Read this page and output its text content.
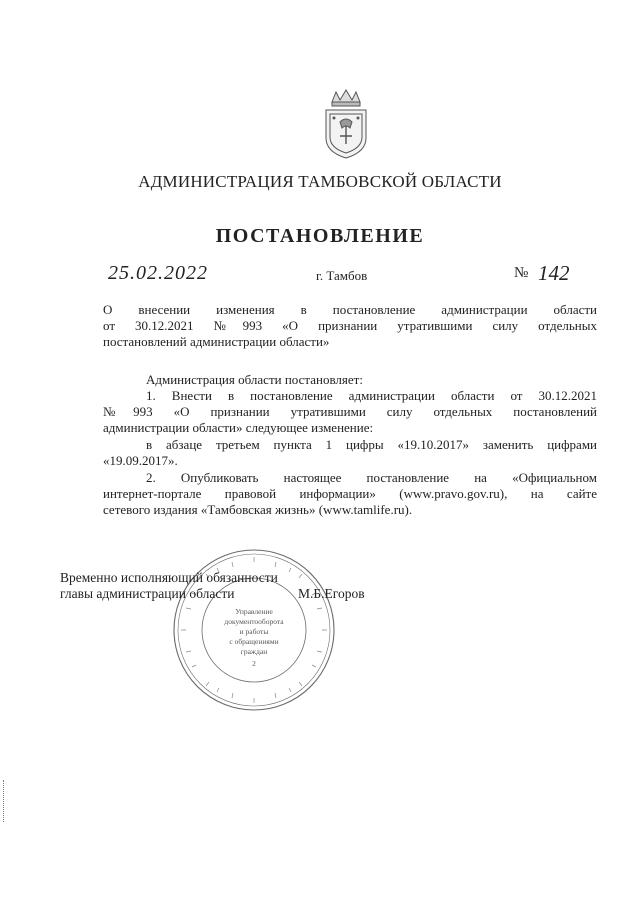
АДМИНИСТРАЦИЯ ТАМБОВСКОЙ ОБЛАСТИ
ПОСТАНОВЛЕНИЕ
25.02.2022	г. Тамбов	№ 142
О внесении изменения в постановление администрации области
от 30.12.2021 №993 «О признании утратившими силу отдельных
постановлений администрации области»
Администрация области постановляет:
1. Внести в постановление администрации области от 30.12.2021
№993 «О признании утратившими силу отдельных постановлений
администрации области» следующее изменение:
в абзаце третьем пункта 1 цифры «19.10.2017» заменить цифрами
«19.09.2017».
2. Опубликовать настоящее постановление на «Официальном
интернет-портале правовой информации» (www.pravo.gov.ru), на сайте
сетевого издания «Тамбовская жизнь» (www.tamlife.ru).
Управление
документооборота
и работы
с обращениями
граждан
2
Временно исполняющий обязанности
главы администрации области	М.Б.Егоров
